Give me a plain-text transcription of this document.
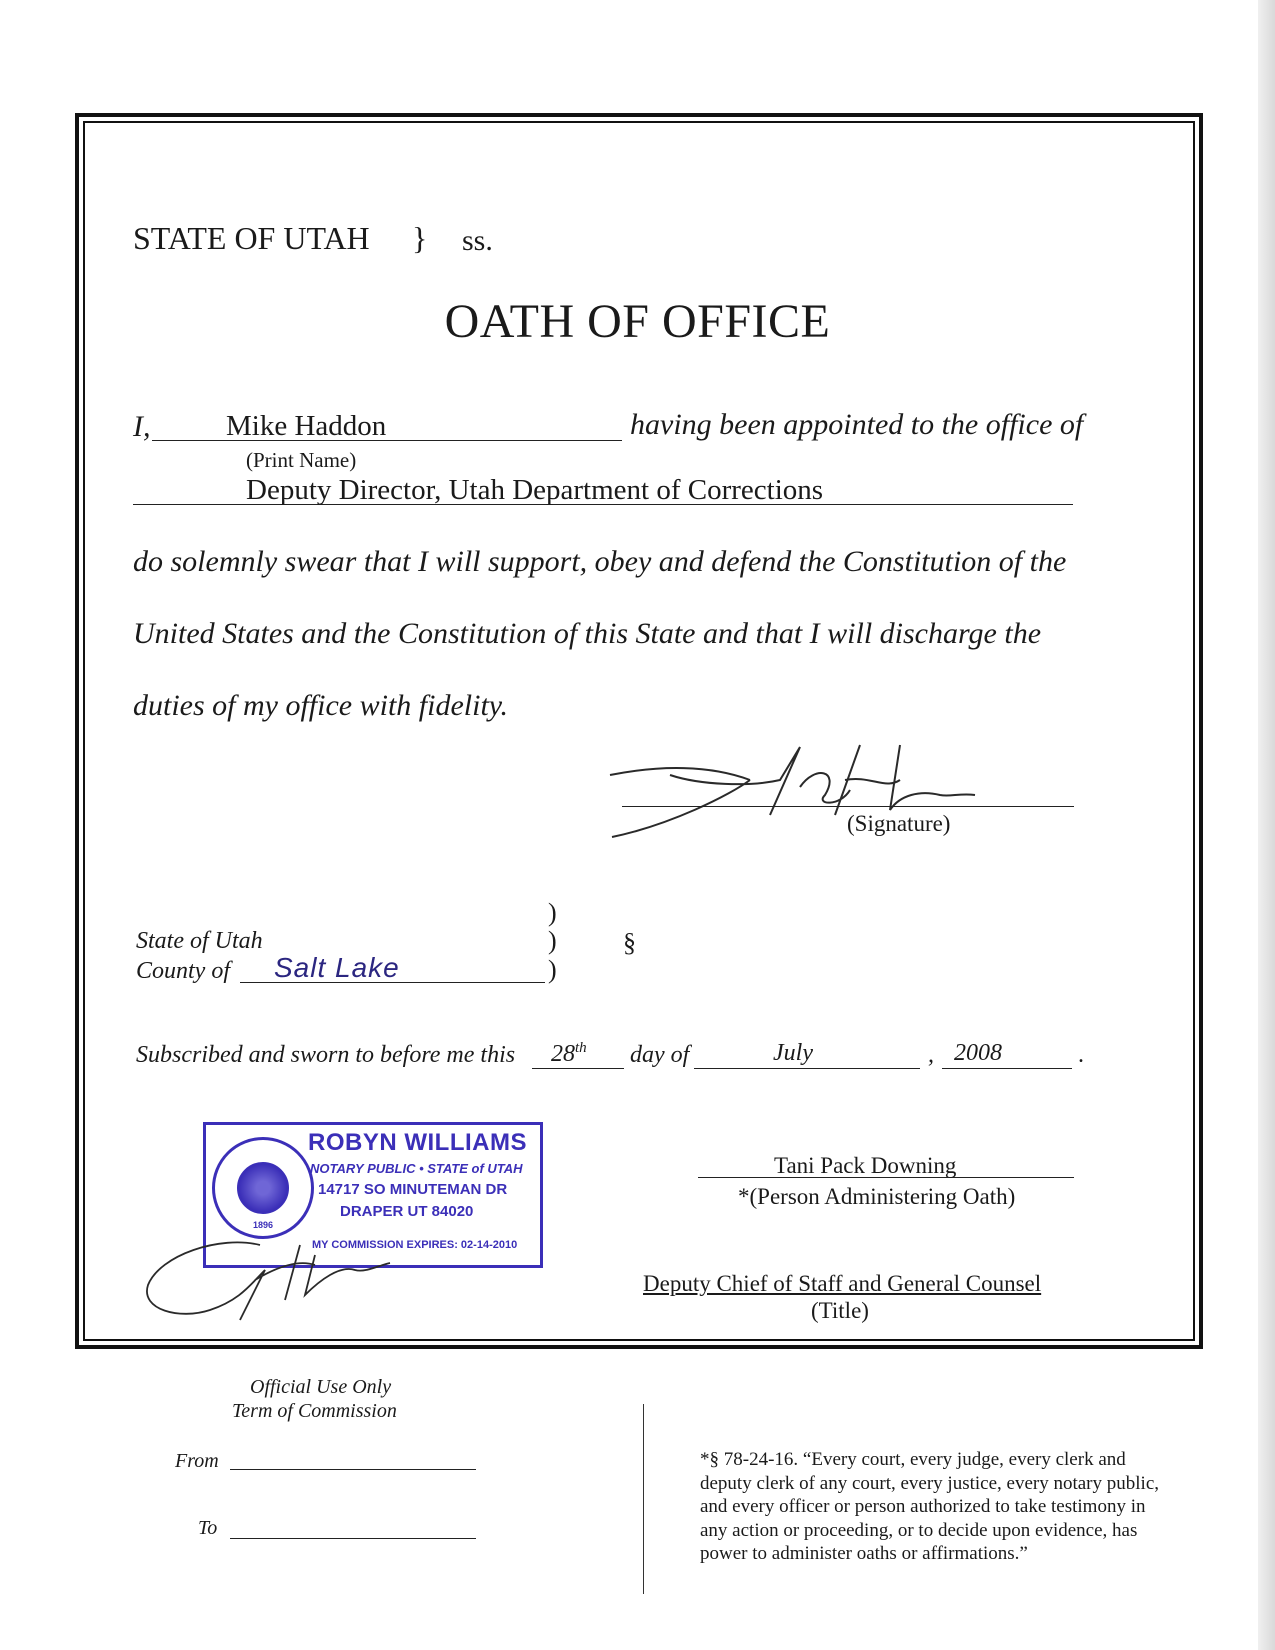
STATE OF UTAH } ss.
OATH OF OFFICE
I,	Mike Haddon
(Print Name)
having been appointed to the office of
Deputy Director, Utah Department of Corrections
do solemnly swear that I will support, obey and defend the Constitution of the
United States and the Constitution of this State and that I will discharge the
duties of my office with fidelity.
(Signature)
)
State of Utah	)	§
County of Salt Lake	)
Subscribed and sworn to before me this 28th day of	July	, 2008	.
1896
ROBYN WILLIAMS
NOTARY PUBLIC • STATE of UTAH
14717 SO MINUTEMAN DR
DRAPER UT 84020
MY COMMISSION EXPIRES: 02-14-2010
Tani Pack Downing
*(Person Administering Oath)
Deputy Chief of Staff and General Counsel
(Title)
Official Use Only
Term of Commission
From
To
*§ 78-24-16. “Every court, every judge, every clerk and
deputy clerk of any court, every justice, every notary public,
and every officer or person authorized to take testimony in
any action or proceeding, or to decide upon evidence, has
power to administer oaths or affirmations.”
